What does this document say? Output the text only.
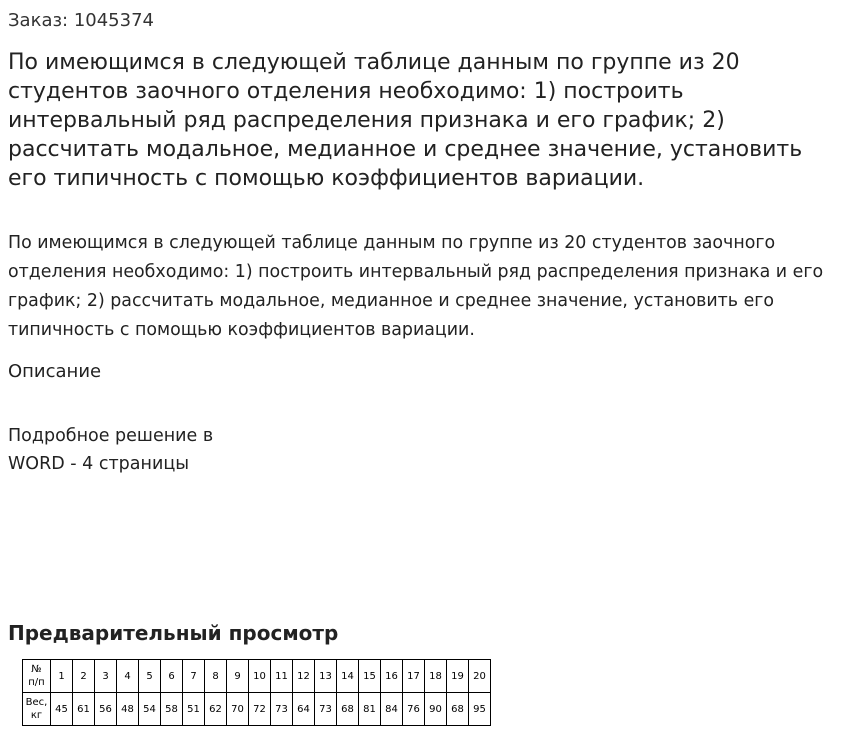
Заказ: 1045374
По имеющимся в следующей таблице данным по группе из 20 студентов заочного отделения необходимо: 1) построить интервальный ряд распределения признака и его график; 2) рассчитать модальное, медианное и среднее значение, установить его типичность с помощью коэффициентов вариации.

По имеющимся в следующей таблице данным по группе из 20 студентов заочного отделения необходимо: 1) построить интервальный ряд распределения признака и его график; 2) рассчитать модальное, медианное и среднее значение, установить его типичность с помощью коэффициентов вариации.

Описание
Подробное решение в WORD - 4 страницы
Предварительный просмотр
№
п/п	1	2	3	4	5	6	7	8	9	10	11	12	13	14	15	16	17	18	19	20
Вес,
кг	45	61	56	48	54	58	51	62	70	72	73	64	73	68	81	84	76	90	68	95
